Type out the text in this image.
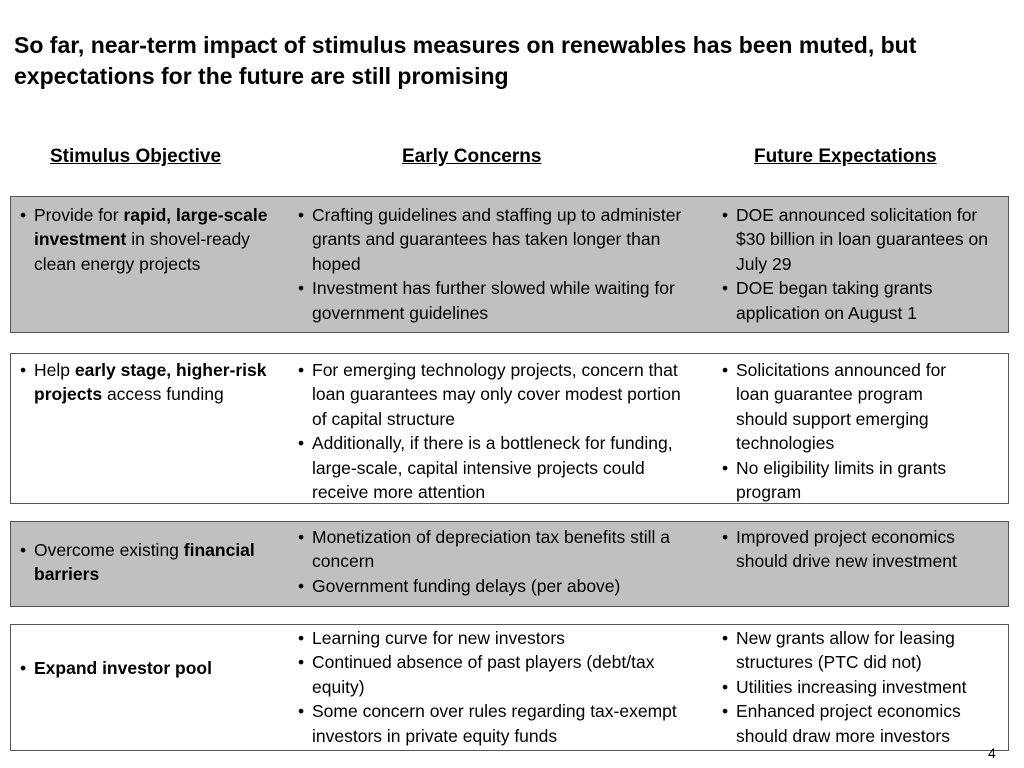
So far, near-term impact of stimulus measures on renewables has been muted, but expectations for the future are still promising
Stimulus Objective	Early Concerns	Future Expectations
• Provide for rapid, large-scale investment in shovel-ready clean energy projects
• Crafting guidelines and staffing up to administer grants and guarantees has taken longer than hoped
• Investment has further slowed while waiting for government guidelines
• DOE announced solicitation for $30 billion in loan guarantees on July 29
• DOE began taking grants application on August 1
• Help early stage, higher-risk projects access funding
• For emerging technology projects, concern that loan guarantees may only cover modest portion of capital structure
• Additionally, if there is a bottleneck for funding, large-scale, capital intensive projects could receive more attention
• Solicitations announced for loan guarantee program should support emerging technologies
• No eligibility limits in grants program
• Overcome existing financial barriers
• Monetization of depreciation tax benefits still a concern
• Government funding delays (per above)
• Improved project economics should drive new investment
• Expand investor pool
• Learning curve for new investors
• Continued absence of past players (debt/tax equity)
• Some concern over rules regarding tax-exempt investors in private equity funds
• New grants allow for leasing structures (PTC did not)
• Utilities increasing investment
• Enhanced project economics should draw more investors
4
